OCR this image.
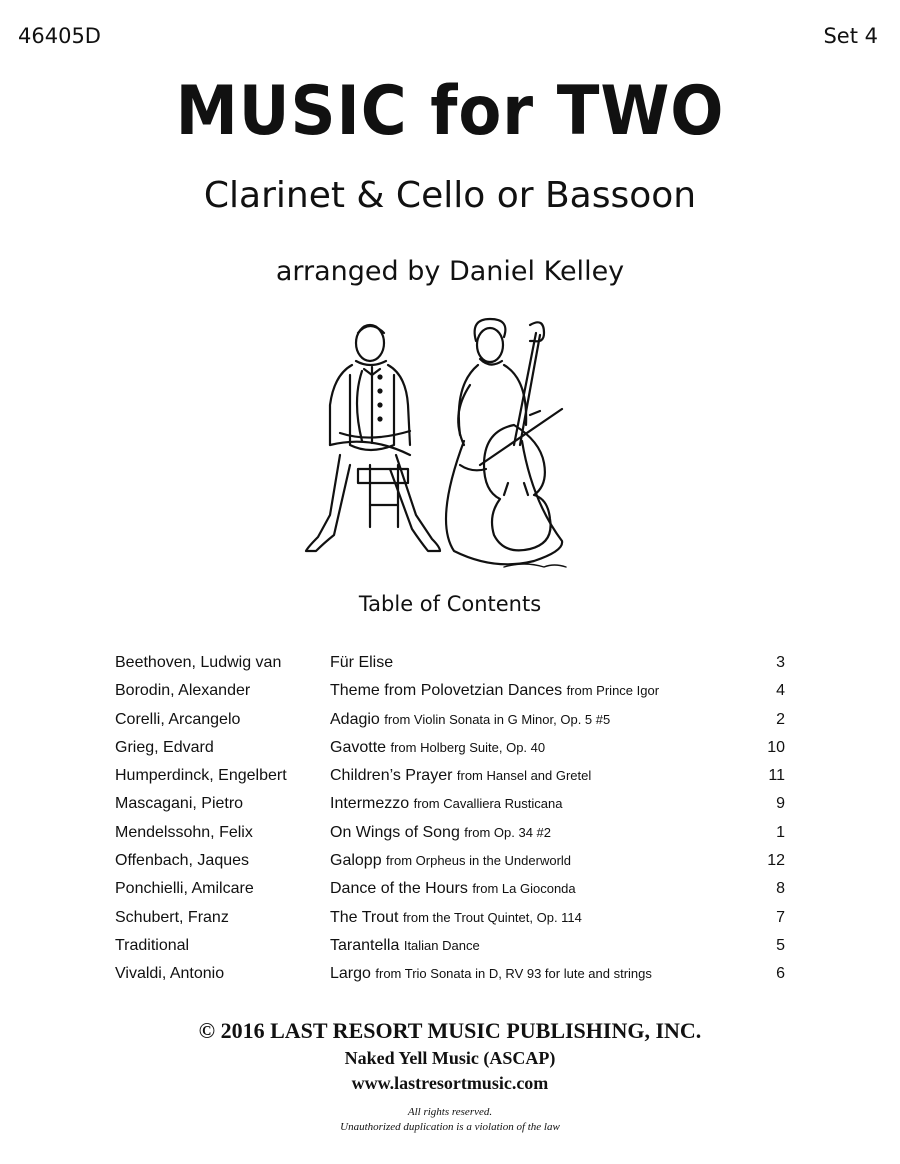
46405D	Set 4
MUSIC for TWO
Clarinet & Cello or Bassoon
arranged by Daniel Kelley
Table of Contents
Beethoven, Ludwig van	Für Elise	3
Borodin, Alexander	Theme from Polovetzian Dances from Prince Igor	4
Corelli, Arcangelo	Adagio from Violin Sonata in G Minor, Op. 5 #5	2
Grieg, Edvard	Gavotte from Holberg Suite, Op. 40	10
Humperdinck, Engelbert	Children’s Prayer from Hansel and Gretel	11
Mascagani, Pietro	Intermezzo from Cavalliera Rusticana	9
Mendelssohn, Felix	On Wings of Song from Op. 34 #2	1
Offenbach, Jaques	Galopp from Orpheus in the Underworld	12
Ponchielli, Amilcare	Dance of the Hours from La Gioconda	8
Schubert, Franz	The Trout from the Trout Quintet, Op. 114	7
Traditional	Tarantella Italian Dance	5
Vivaldi, Antonio	Largo from Trio Sonata in D, RV 93 for lute and strings	6
© 2016 LAST RESORT MUSIC PUBLISHING, INC.
Naked Yell Music (ASCAP)
www.lastresortmusic.com
All rights reserved.
Unauthorized duplication is a violation of the law
